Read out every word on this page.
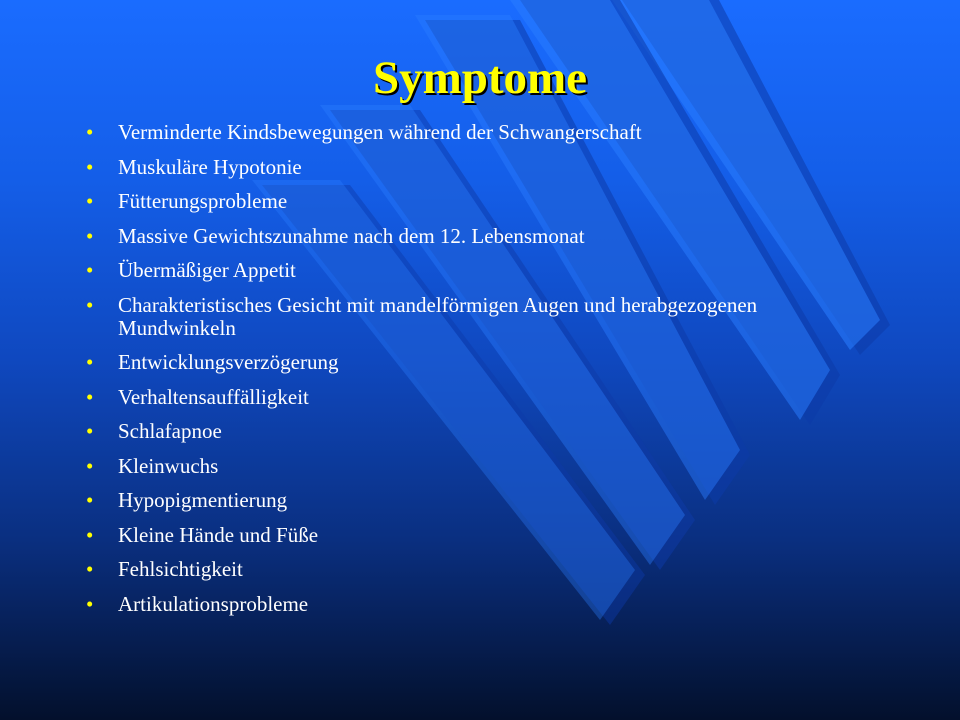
Symptome
• Verminderte Kindsbewegungen während der Schwangerschaft
• Muskuläre Hypotonie
• Fütterungsprobleme
• Massive Gewichtszunahme nach dem 12. Lebensmonat
• Übermäßiger Appetit
• Charakteristisches Gesicht mit mandelförmigen Augen und herabgezogenen Mundwinkeln
• Entwicklungsverzögerung
• Verhaltensauffälligkeit
• Schlafapnoe
• Kleinwuchs
• Hypopigmentierung
• Kleine Hände und Füße
• Fehlsichtigkeit
• Artikulationsprobleme
